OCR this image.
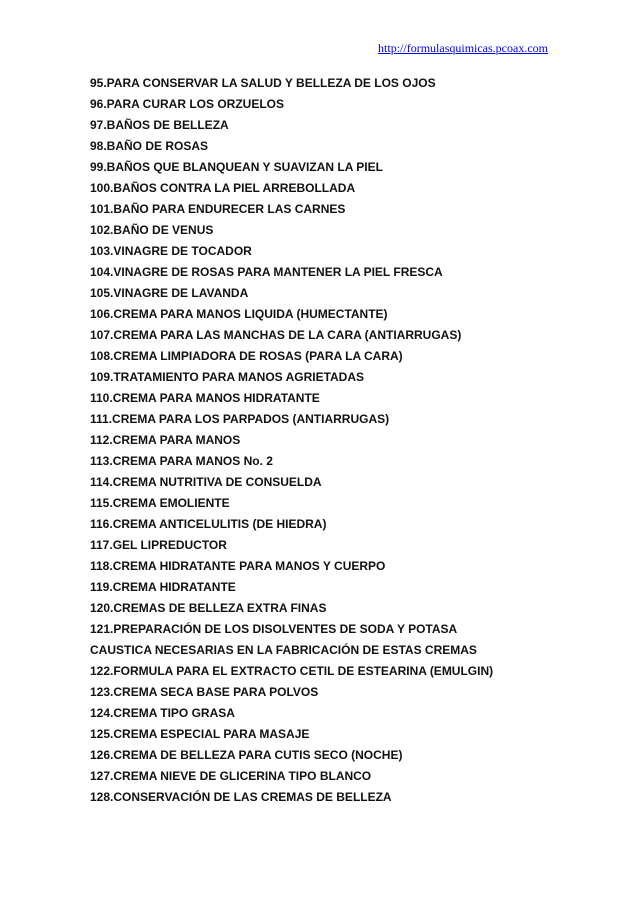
http://formulasquimicas.pcoax.com
95.PARA CONSERVAR LA SALUD Y BELLEZA DE LOS OJOS
96.PARA CURAR LOS ORZUELOS
97.BAÑOS DE BELLEZA
98.BAÑO DE ROSAS
99.BAÑOS QUE BLANQUEAN Y SUAVIZAN LA PIEL
100.BAÑOS CONTRA LA PIEL ARREBOLLADA
101.BAÑO PARA ENDURECER LAS CARNES
102.BAÑO DE VENUS
103.VINAGRE DE TOCADOR
104.VINAGRE DE ROSAS PARA MANTENER LA PIEL FRESCA
105.VINAGRE DE LAVANDA
106.CREMA PARA MANOS LIQUIDA (HUMECTANTE)
107.CREMA PARA LAS MANCHAS DE LA CARA (ANTIARRUGAS)
108.CREMA LIMPIADORA DE ROSAS (PARA LA CARA)
109.TRATAMIENTO PARA MANOS AGRIETADAS
110.CREMA PARA MANOS HIDRATANTE
111.CREMA PARA LOS PARPADOS (ANTIARRUGAS)
112.CREMA PARA MANOS
113.CREMA PARA MANOS No. 2
114.CREMA NUTRITIVA DE CONSUELDA
115.CREMA EMOLIENTE
116.CREMA ANTICELULITIS (DE HIEDRA)
117.GEL LIPREDUCTOR
118.CREMA HIDRATANTE PARA MANOS Y CUERPO
119.CREMA HIDRATANTE
120.CREMAS DE BELLEZA EXTRA FINAS
121.PREPARACIÓN DE LOS DISOLVENTES DE SODA Y POTASA
CAUSTICA NECESARIAS EN LA FABRICACIÓN DE ESTAS CREMAS
122.FORMULA PARA EL EXTRACTO CETIL DE ESTEARINA (EMULGIN)
123.CREMA SECA BASE PARA POLVOS
124.CREMA TIPO GRASA
125.CREMA ESPECIAL PARA MASAJE
126.CREMA DE BELLEZA PARA CUTIS SECO (NOCHE)
127.CREMA NIEVE DE GLICERINA TIPO BLANCO
128.CONSERVACIÓN DE LAS CREMAS DE BELLEZA
